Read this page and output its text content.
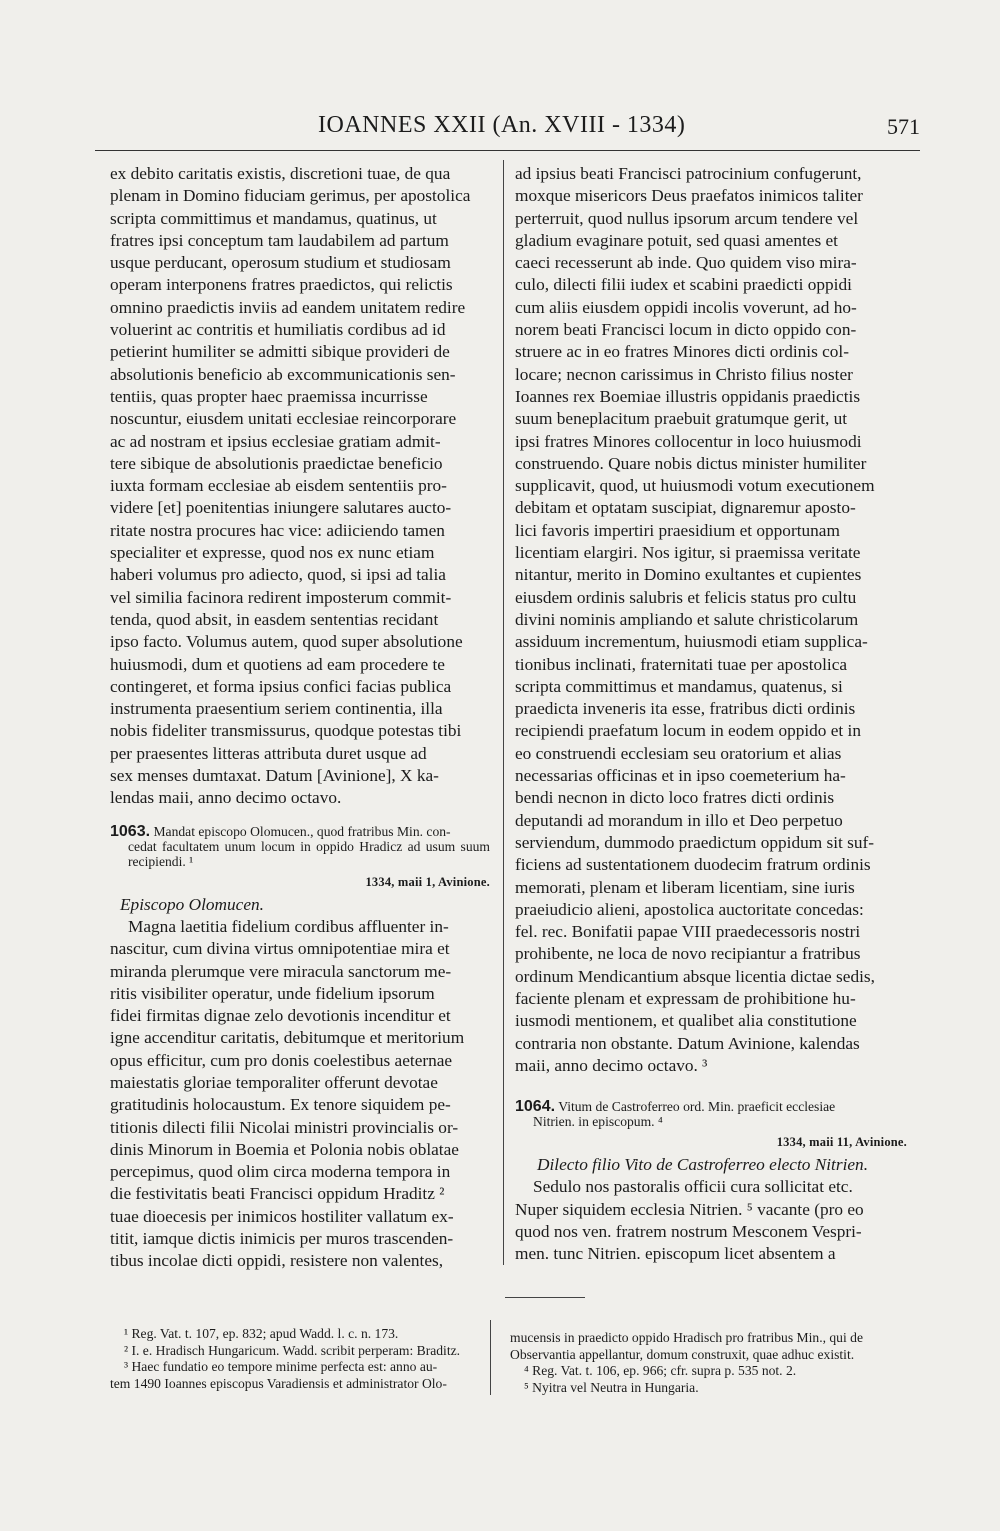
IOANNES XXII (An. XVIII - 1334)	571

ex debito caritatis existis, discretioni tuae, de qua

plenam in Domino fiduciam gerimus, per apostolica

scripta committimus et mandamus, quatinus, ut

fratres ipsi conceptum tam laudabilem ad partum

usque perducant, operosum studium et studiosam

operam interponens fratres praedictos, qui relictis

omnino praedictis inviis ad eandem unitatem redire

voluerint ac contritis et humiliatis cordibus ad id

petierint humiliter se admitti sibique provideri de

absolutionis beneficio ab excommunicationis sen-

tentiis, quas propter haec praemissa incurrisse

noscuntur, eiusdem unitati ecclesiae reincorporare

ac ad nostram et ipsius ecclesiae gratiam admit-

tere sibique de absolutionis praedictae beneficio

iuxta formam ecclesiae ab eisdem sententiis pro-

videre [et] poenitentias iniungere salutares aucto-

ritate nostra procures hac vice: adiiciendo tamen

specialiter et expresse, quod nos ex nunc etiam

haberi volumus pro adiecto, quod, si ipsi ad talia

vel similia facinora redirent imposterum commit-

tenda, quod absit, in easdem sententias recidant

ipso facto. Volumus autem, quod super absolutione

huiusmodi, dum et quotiens ad eam procedere te

contingeret, et forma ipsius confici facias publica

instrumenta praesentium seriem continentia, illa

nobis fideliter transmissurus, quodque potestas tibi

per praesentes litteras attributa duret usque ad

sex menses dumtaxat. Datum [Avinione], X ka-

lendas maii, anno decimo octavo.

1063. Mandat episcopo Olomucen., quod fratribus Min. con-
cedat facultatem unum locum in oppido Hradicz ad usum suum recipiendi. ¹

1334, maii 1, Avinione.

Episcopo Olomucen.

Magna laetitia fidelium cordibus affluenter in-

nascitur, cum divina virtus omnipotentiae mira et

miranda plerumque vere miracula sanctorum me-

ritis visibiliter operatur, unde fidelium ipsorum

fidei firmitas dignae zelo devotionis incenditur et

igne accenditur caritatis, debitumque et meritorium

opus efficitur, cum pro donis coelestibus aeternae

maiestatis gloriae temporaliter offerunt devotae

gratitudinis holocaustum. Ex tenore siquidem pe-

titionis dilecti filii Nicolai ministri provincialis or-

dinis Minorum in Boemia et Polonia nobis oblatae

percepimus, quod olim circa moderna tempora in

die festivitatis beati Francisci oppidum Hraditz ²

tuae dioecesis per inimicos hostiliter vallatum ex-

titit, iamque dictis inimicis per muros trascenden-

tibus incolae dicti oppidi, resistere non valentes,

ad ipsius beati Francisci patrocinium confugerunt,

moxque misericors Deus praefatos inimicos taliter

perterruit, quod nullus ipsorum arcum tendere vel

gladium evaginare potuit, sed quasi amentes et

caeci recesserunt ab inde. Quo quidem viso mira-

culo, dilecti filii iudex et scabini praedicti oppidi

cum aliis eiusdem oppidi incolis voverunt, ad ho-

norem beati Francisci locum in dicto oppido con-

struere ac in eo fratres Minores dicti ordinis col-

locare; necnon carissimus in Christo filius noster

Ioannes rex Boemiae illustris oppidanis praedictis

suum beneplacitum praebuit gratumque gerit, ut

ipsi fratres Minores collocentur in loco huiusmodi

construendo. Quare nobis dictus minister humiliter

supplicavit, quod, ut huiusmodi votum executionem

debitam et optatam suscipiat, dignaremur aposto-

lici favoris impertiri praesidium et opportunam

licentiam elargiri. Nos igitur, si praemissa veritate

nitantur, merito in Domino exultantes et cupientes

eiusdem ordinis salubris et felicis status pro cultu

divini nominis ampliando et salute christicolarum

assiduum incrementum, huiusmodi etiam supplica-

tionibus inclinati, fraternitati tuae per apostolica

scripta committimus et mandamus, quatenus, si

praedicta inveneris ita esse, fratribus dicti ordinis

recipiendi praefatum locum in eodem oppido et in

eo construendi ecclesiam seu oratorium et alias

necessarias officinas et in ipso coemeterium ha-

bendi necnon in dicto loco fratres dicti ordinis

deputandi ad morandum in illo et Deo perpetuo

serviendum, dummodo praedictum oppidum sit suf-

ficiens ad sustentationem duodecim fratrum ordinis

memorati, plenam et liberam licentiam, sine iuris

praeiudicio alieni, apostolica auctoritate concedas:

fel. rec. Bonifatii papae VIII praedecessoris nostri

prohibente, ne loca de novo recipiantur a fratribus

ordinum Mendicantium absque licentia dictae sedis,

faciente plenam et expressam de prohibitione hu-

iusmodi mentionem, et qualibet alia constitutione

contraria non obstante. Datum Avinione, kalendas

maii, anno decimo octavo. ³

1064. Vitum de Castroferreo ord. Min. praeficit ecclesiae
Nitrien. in episcopum. ⁴

1334, maii 11, Avinione.

Dilecto filio Vito de Castroferreo electo Nitrien.

Sedulo nos pastoralis officii cura sollicitat etc.

Nuper siquidem ecclesia Nitrien. ⁵ vacante (pro eo

quod nos ven. fratrem nostrum Mesconem Vespri-

men. tunc Nitrien. episcopum licet absentem a

¹ Reg. Vat. t. 107, ep. 832; apud Wadd. l. c. n. 173.

² I. e. Hradisch Hungaricum. Wadd. scribit perperam: Braditz.

³ Haec fundatio eo tempore minime perfecta est: anno au-

tem 1490 Ioannes episcopus Varadiensis et administrator Olo-

mucensis in praedicto oppido Hradisch pro fratribus Min., qui de

Observantia appellantur, domum construxit, quae adhuc existit.

⁴ Reg. Vat. t. 106, ep. 966; cfr. supra p. 535 not. 2.

⁵ Nyitra vel Neutra in Hungaria.
